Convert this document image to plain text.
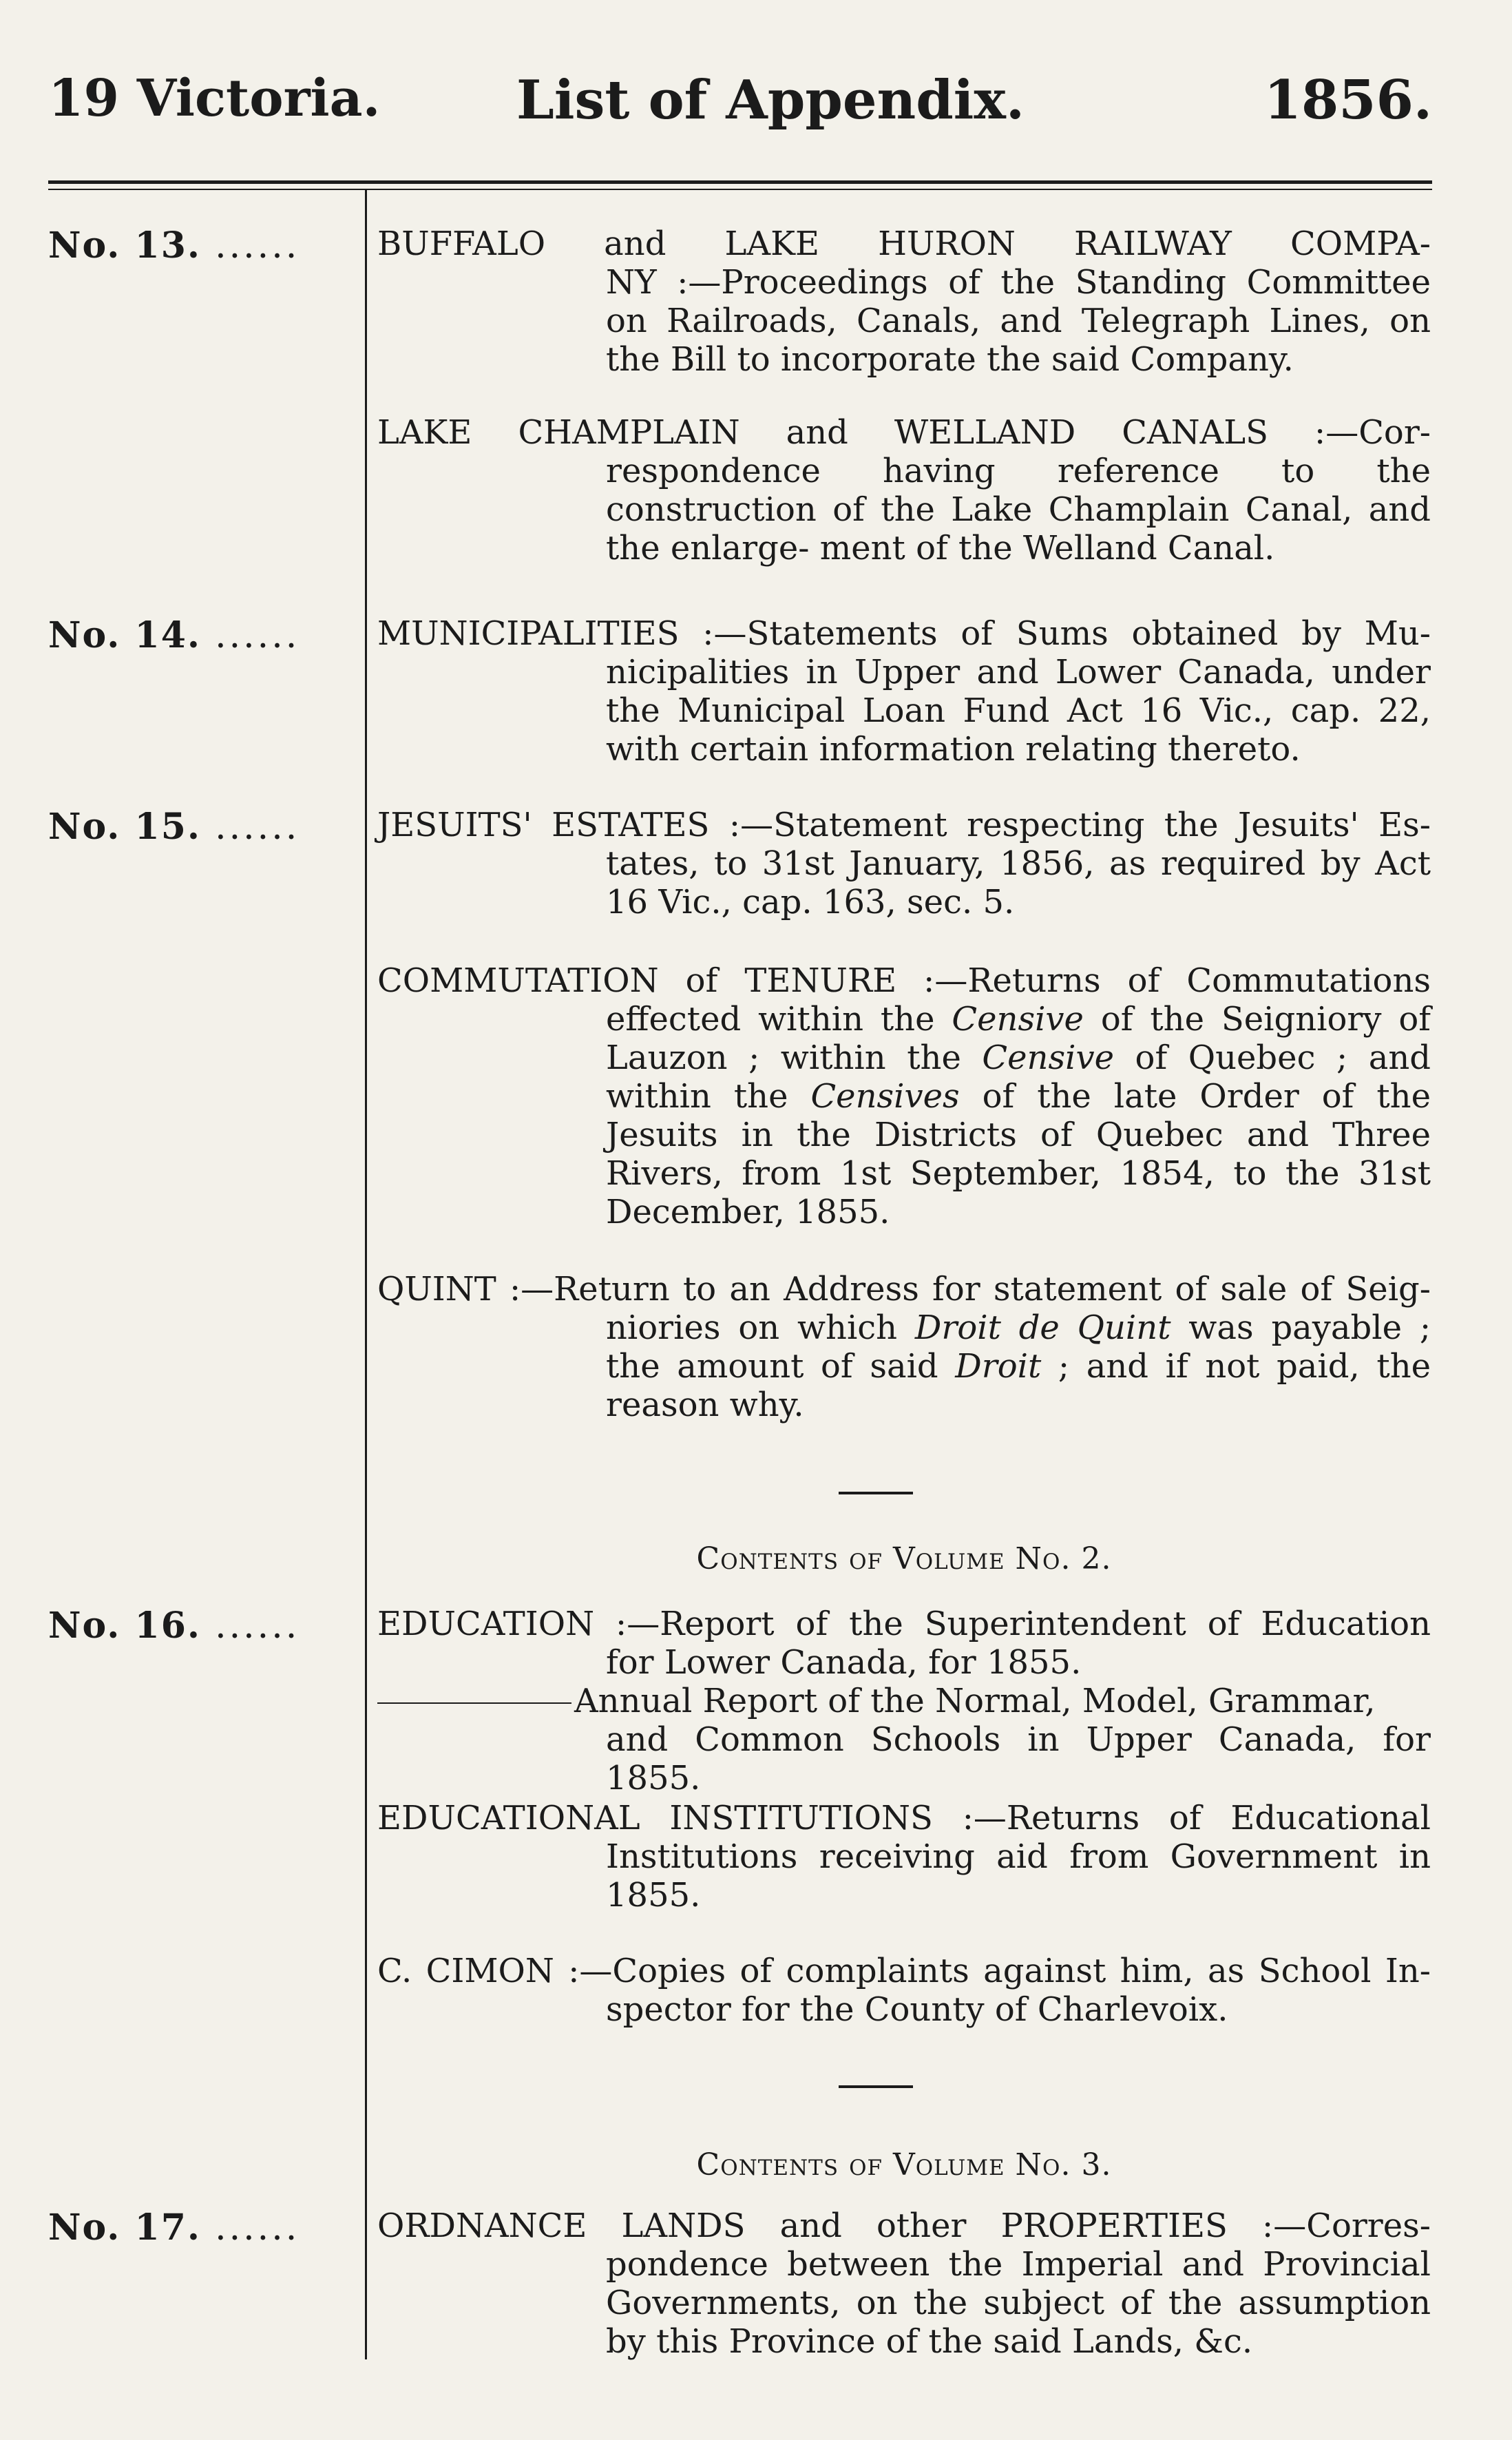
19 Victoria.	List of Appendix.	1856.
No. 13. ......	BUFFALO and LAKE HURON RAILWAY COMPA-
NY :—Proceedings of the Standing Committee on Railroads, Canals, and Telegraph Lines, on the Bill to incorporate the said Company.
LAKE CHAMPLAIN and WELLAND CANALS :—Cor-
respondence having reference to the construction of the Lake Champlain Canal, and the enlarge- ment of the Welland Canal.
No. 14. ......	MUNICIPALITIES :—Statements of Sums obtained by Mu-
nicipalities in Upper and Lower Canada, under the Municipal Loan Fund Act 16 Vic., cap. 22, with certain information relating thereto.
No. 15. ......	JESUITS' ESTATES :—Statement respecting the Jesuits' Es-
tates, to 31st January, 1856, as required by Act 16 Vic., cap. 163, sec. 5.
COMMUTATION of TENURE :—Returns of Commutations
effected within the Censive of the Seigniory of Lauzon ; within the Censive of Quebec ; and within the Censives of the late Order of the Jesuits in the Districts of Quebec and Three Rivers, from 1st September, 1854, to the 31st December, 1855.
QUINT :—Return to an Address for statement of sale of Seig-
niories on which Droit de Quint was payable ; the amount of said Droit ; and if not paid, the reason why.
Contents of Volume No. 2.
No. 16. ......	EDUCATION :—Report of the Superintendent of Education
for Lower Canada, for 1855.
Annual Report of the Normal, Model, Grammar,
and Common Schools in Upper Canada, for 1855.
EDUCATIONAL INSTITUTIONS :—Returns of Educational
Institutions receiving aid from Government in 1855.
C. CIMON :—Copies of complaints against him, as School In-
spector for the County of Charlevoix.
Contents of Volume No. 3.
No. 17. ......	ORDNANCE LANDS and other PROPERTIES :—Corres-
pondence between the Imperial and Provincial Governments, on the subject of the assumption by this Province of the said Lands, &c.
